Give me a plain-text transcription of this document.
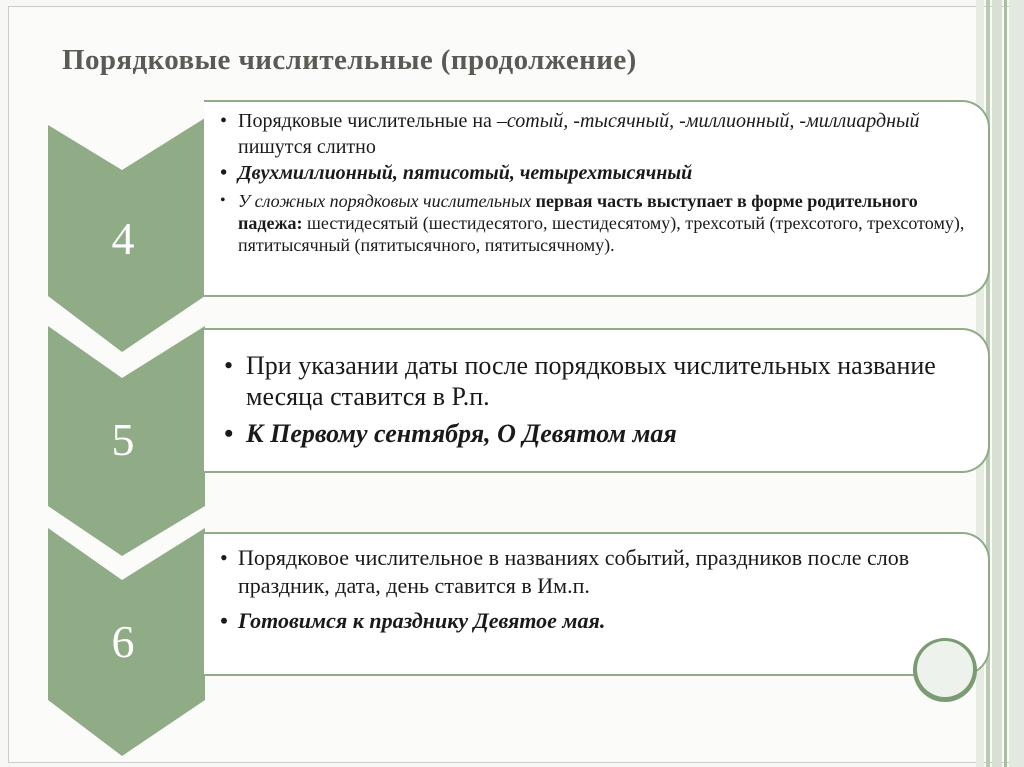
Порядковые числительные (продолжение)
4
5
6
• Порядковые числительные на –сотый, -тысячный, -миллионный, -миллиардный пишутся слитно
• Двухмиллионный, пятисотый, четырехтысячный
• У сложных порядковых числительных первая часть выступает в форме родительного падежа: шестидесятый (шестидесятого, шестидесятому), трехсотый (трехсотого, трехсотому), пятитысячный (пятитысячного, пятитысячному).
• При указании даты после порядковых числительных название месяца ставится в Р.п.
• К Первому сентября, О Девятом мая
• Порядковое числительное в названиях событий, праздников после слов праздник, дата, день ставится в Им.п.
• Готовимся к празднику Девятое мая.
